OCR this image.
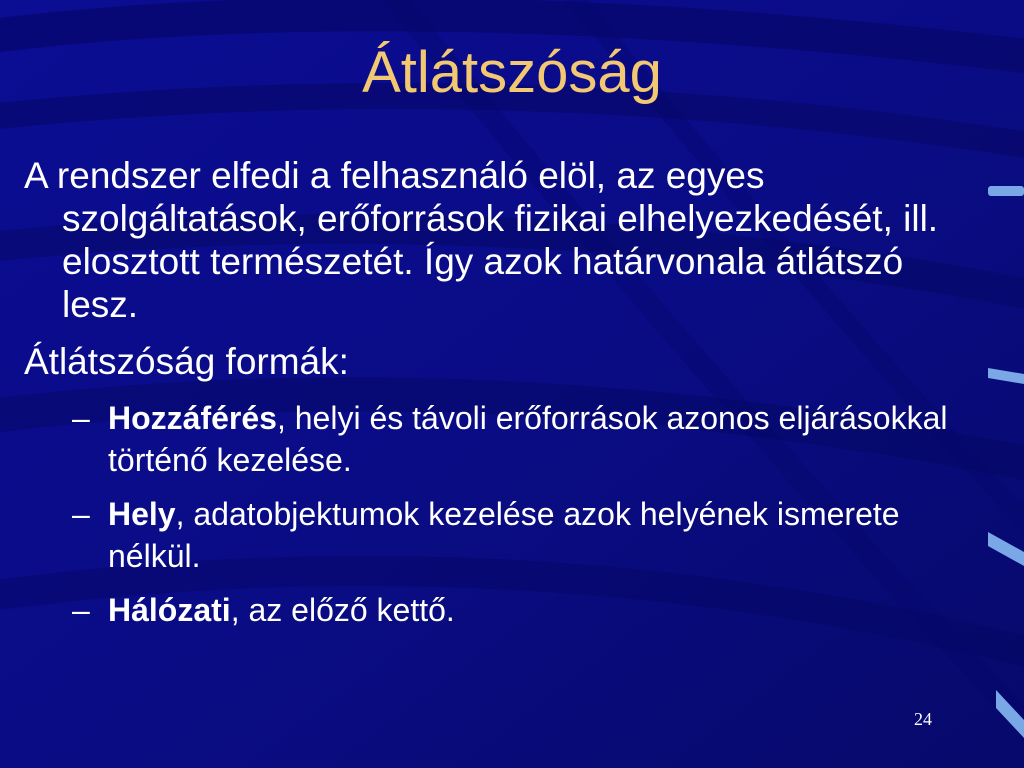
Átlátszóság
A rendszer elfedi a felhasználó elöl, az egyes szolgáltatások, erőforrások fizikai elhelyezkedését, ill. elosztott természetét. Így azok határvonala átlátszó lesz.
Átlátszóság formák:
– Hozzáférés, helyi és távoli erőforrások azonos eljárásokkal történő kezelése.
– Hely, adatobjektumok kezelése azok helyének ismerete nélkül.
– Hálózati, az előző kettő.
24
